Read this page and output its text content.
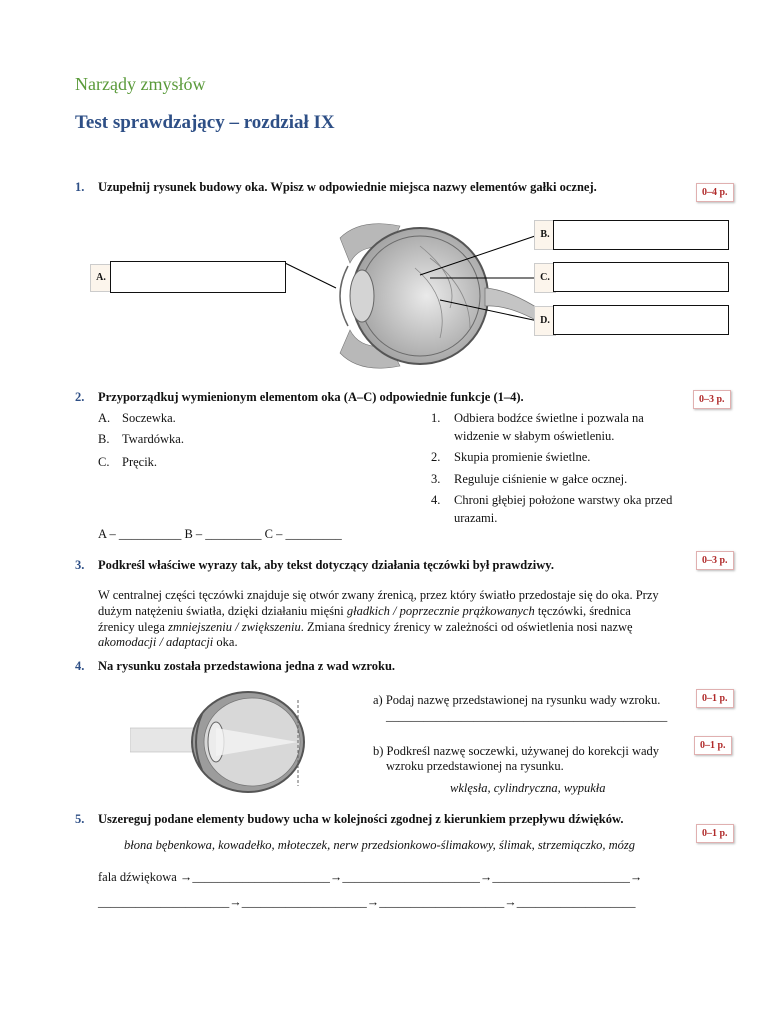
Narządy zmysłów
Test sprawdzający – rozdział IX
1. Uzupełnij rysunek budowy oka. Wpisz w odpowiednie miejsca nazwy elementów gałki ocznej.	0–4 p.
A.
B.
C.
D.
2. Przyporządkuj wymienionym elementom oka (A–C) odpowiednie funkcje (1–4).	0–3 p.
A. Soczewka.
B. Twardówka.
C. Pręcik.
1. Odbiera bodźce świetlne i pozwala na
widzenie w słabym oświetleniu.
2. Skupia promienie świetlne.
3. Reguluje ciśnienie w gałce ocznej.
4. Chroni głębiej położone warstwy oka przed
urazami.
A – __________ B – _________ C – _________
3. Podkreśl właściwe wyrazy tak, aby tekst dotyczący działania tęczówki był prawdziwy.	0–3 p.
W centralnej części tęczówki znajduje się otwór zwany źrenicą, przez który światło przedostaje się do oka. Przy
dużym natężeniu światła, dzięki działaniu mięśni gładkich / poprzecznie prążkowanych tęczówki, średnica
źrenicy ulega zmniejszeniu / zwiększeniu. Zmiana średnicy źrenicy w zależności od oświetlenia nosi nazwę
akomodacji / adaptacji oka.
4. Na rysunku została przedstawiona jedna z wad wzroku.
a) Podaj nazwę przedstawionej na rysunku wady wzroku.
_____________________________________________
0–1 p.
b) Podkreśl nazwę soczewki, używanej do korekcji wady
wzroku przedstawionej na rysunku.
0–1 p.
wklęsła, cylindryczna, wypukła
5. Uszereguj podane elementy budowy ucha w kolejności zgodnej z kierunkiem przepływu dźwięków.
0–1 p.
błona bębenkowa, kowadełko, młoteczek, nerw przedsionkowo-ślimakowy, ślimak, strzemiączko, mózg
fala dźwiękowa →______________________→______________________→______________________→
_____________________→____________________→____________________→___________________
